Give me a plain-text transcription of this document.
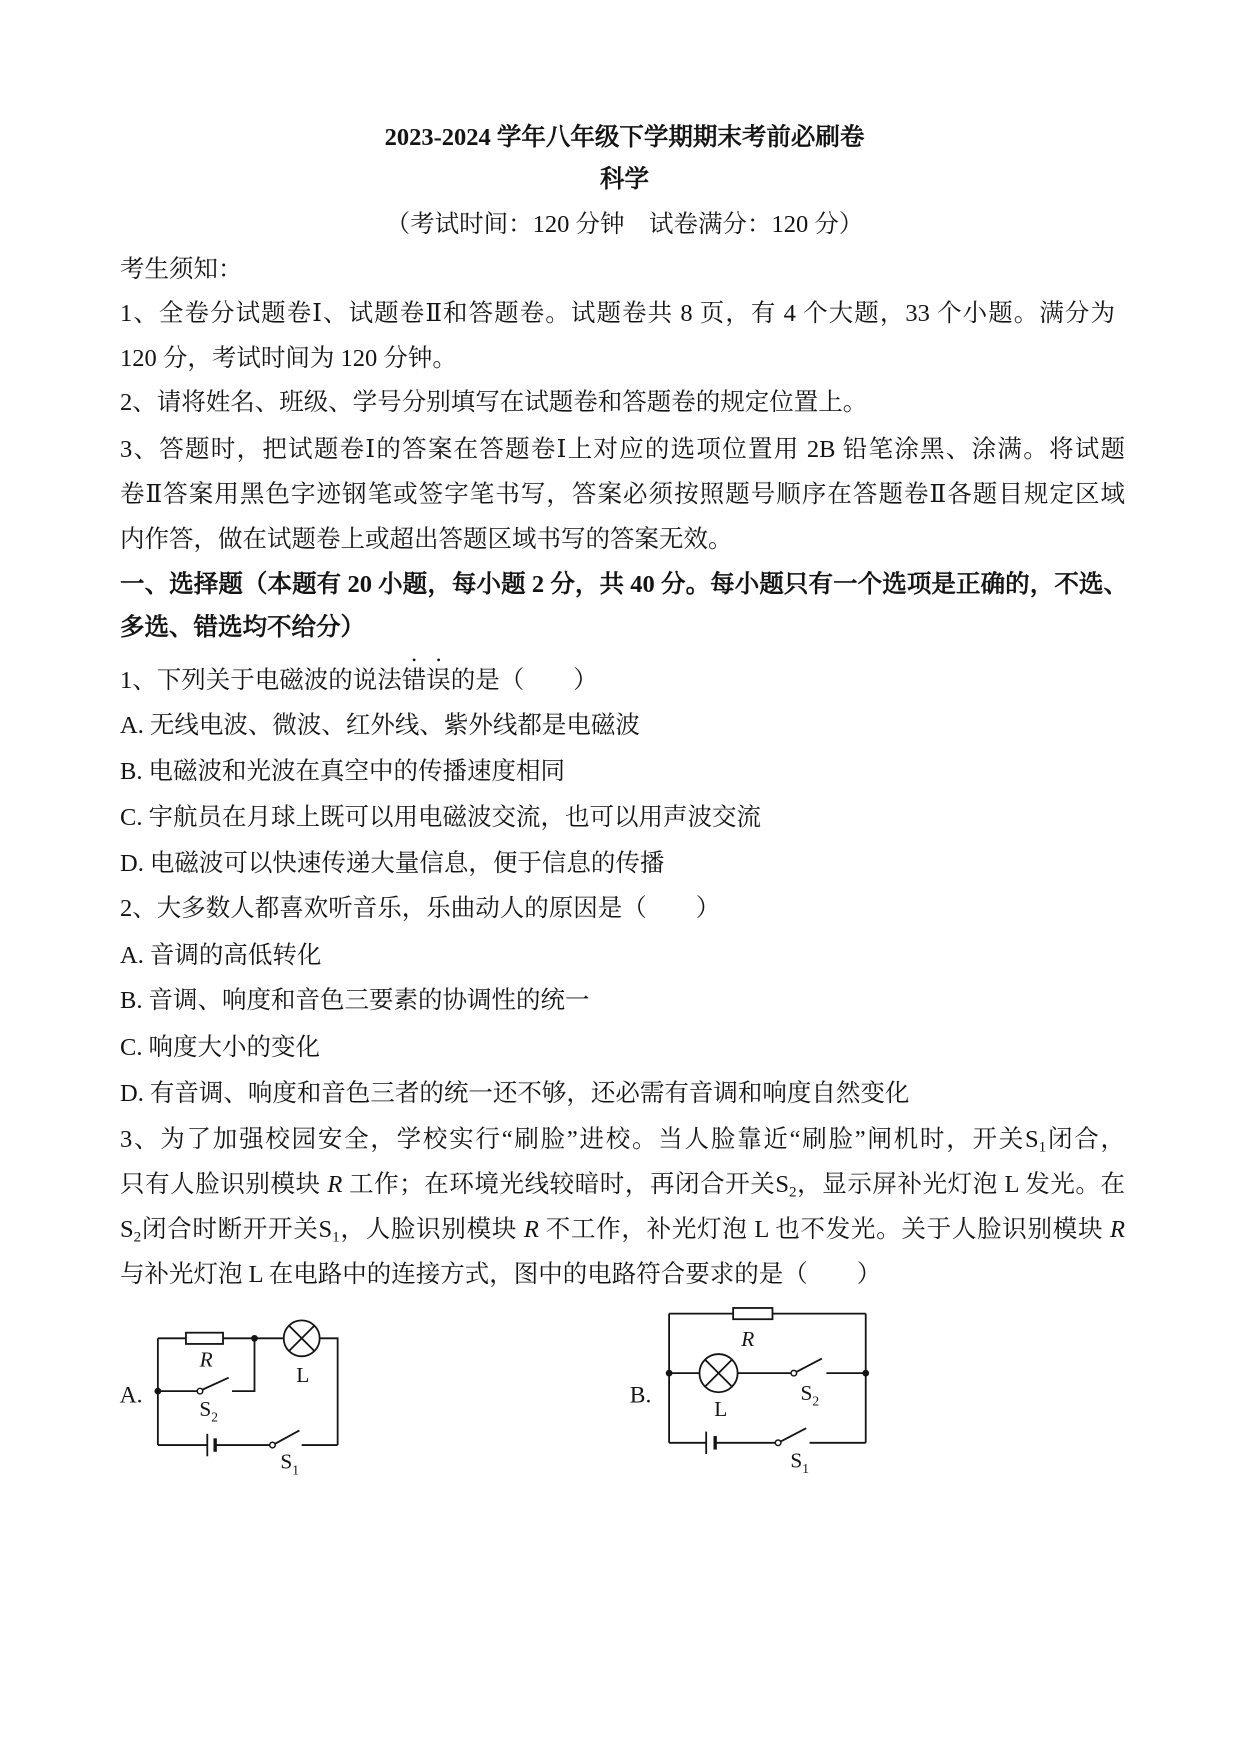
2023-2024 学年八年级下学期期末考前必刷卷
科学
（考试时间：120 分钟　试卷满分：120 分）
考生须知：
1、全卷分试题卷Ⅰ、试题卷Ⅱ和答题卷。试题卷共 8 页，有 4 个大题，33 个小题。满分为
120 分，考试时间为 120 分钟。
2、请将姓名、班级、学号分别填写在试题卷和答题卷的规定位置上。
3、答题时，把试题卷Ⅰ的答案在答题卷Ⅰ上对应的选项位置用 2B 铅笔涂黑、涂满。将试题
卷Ⅱ答案用黑色字迹钢笔或签字笔书写，答案必须按照题号顺序在答题卷Ⅱ各题目规定区域
内作答，做在试题卷上或超出答题区域书写的答案无效。
一、选择题（本题有 20 小题，每小题 2 分，共 40 分。每小题只有一个选项是正确的，不选、
多选、错选均不给分）
1、下列关于电磁波的说法错误的是（　　）
A. 无线电波、微波、红外线、紫外线都是电磁波
B. 电磁波和光波在真空中的传播速度相同
C. 宇航员在月球上既可以用电磁波交流，也可以用声波交流
D. 电磁波可以快速传递大量信息，便于信息的传播
2、大多数人都喜欢听音乐，乐曲动人的原因是（　　）
A. 音调的高低转化
B. 音调、响度和音色三要素的协调性的统一
C. 响度大小的变化
D. 有音调、响度和音色三者的统一还不够，还必需有音调和响度自然变化
3、为了加强校园安全，学校实行“刷脸”进校。当人脸靠近“刷脸”闸机时，开关$S_1$闭合，
只有人脸识别模块 R 工作；在环境光线较暗时，再闭合开关$S_2$，显示屏补光灯泡 L 发光。在
$S_2$闭合时断开开关$S_1$，人脸识别模块 R 不工作，补光灯泡 L 也不发光。关于人脸识别模块 R
与补光灯泡 L 在电路中的连接方式，图中的电路符合要求的是（　　）
A.
R
L
$S_2$
$S_1$
B.
R
L
$S_2$
$S_1$
